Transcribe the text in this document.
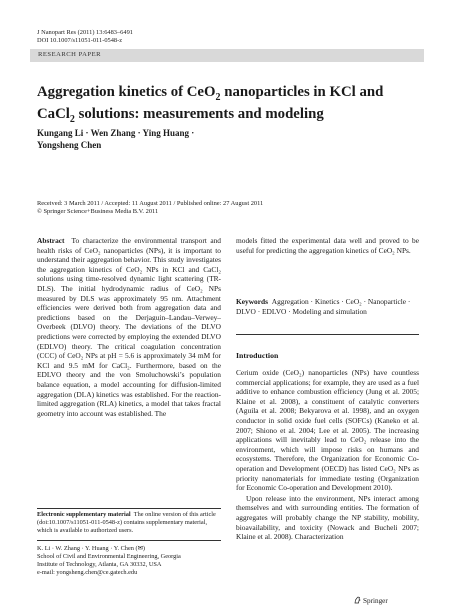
J Nanopart Res (2011) 13:6483–6491
DOI 10.1007/s11051-011-0548-z
RESEARCH PAPER
Aggregation kinetics of CeO$_2$ nanoparticles in KCl and CaCl$_2$ solutions: measurements and modeling
Kungang Li · Wen Zhang · Ying Huang ·
Yongsheng Chen
Received: 3 March 2011 / Accepted: 11 August 2011 / Published online: 27 August 2011
© Springer Science+Business Media B.V. 2011

Abstract To characterize the environmental transport and health risks of CeO₂ nanoparticles (NPs), it is important to understand their aggregation behavior. This study investigates the aggregation kinetics of CeO₂ NPs in KCl and CaCl₂ solutions using time-resolved dynamic light scattering (TR-DLS). The initial hydrodynamic radius of CeO₂ NPs measured by DLS was approximately 95 nm. Attachment efficiencies were derived both from aggregation data and predictions based on the Derjaguin–Landau–Verwey–Overbeek (DLVO) theory. The deviations of the DLVO predictions were corrected by employing the extended DLVO (EDLVO) theory. The critical coagulation concentration (CCC) of CeO₂ NPs at pH = 5.6 is approximately 34 mM for KCl and 9.5 mM for CaCl₂. Furthermore, based on the EDLVO theory and the von Smoluchowski’s population balance equation, a model accounting for diffusion-limited aggregation (DLA) kinetics was established. For the reaction-limited aggregation (RLA) kinetics, a model that takes fractal geometry into account was established. The

models fitted the experimental data well and proved to be useful for predicting the aggregation kinetics of CeO₂ NPs.
Keywords Aggregation · Kinetics · CeO₂ · Nanoparticle · DLVO · EDLVO · Modeling and simulation
Introduction

Cerium oxide (CeO₂) nanoparticles (NPs) have countless commercial applications; for example, they are used as a fuel additive to enhance combustion efficiency (Jung et al. 2005; Klaine et al. 2008), a constituent of catalytic converters (Aguila et al. 2008; Bekyarova et al. 1998), and an oxygen conductor in solid oxide fuel cells (SOFCs) (Kaneko et al. 2007; Shiono et al. 2004; Lee et al. 2005). The increasing applications will inevitably lead to CeO₂ release into the environment, which will impose risks on humans and ecosystems. Therefore, the Organization for Economic Co-operation and Development (OECD) has listed CeO₂ NPs as priority nanomaterials for immediate testing (Organization for Economic Co-operation and Development 2010).

Upon release into the environment, NPs interact among themselves and with surrounding entities. The formation of aggregates will probably change the NP stability, mobility, bioavailability, and toxicity (Nowack and Bucheli 2007; Klaine et al. 2008). Characterization

Electronic supplementary material The online version of this article (doi:10.1007/s11051-011-0548-z) contains supplementary material, which is available to authorized users.
K. Li · W. Zhang · Y. Huang · Y. Chen (✉)
School of Civil and Environmental Engineering, Georgia
Institute of Technology, Atlanta, GA 30332, USA
e-mail: yongsheng.chen@ce.gatech.edu
Springer
